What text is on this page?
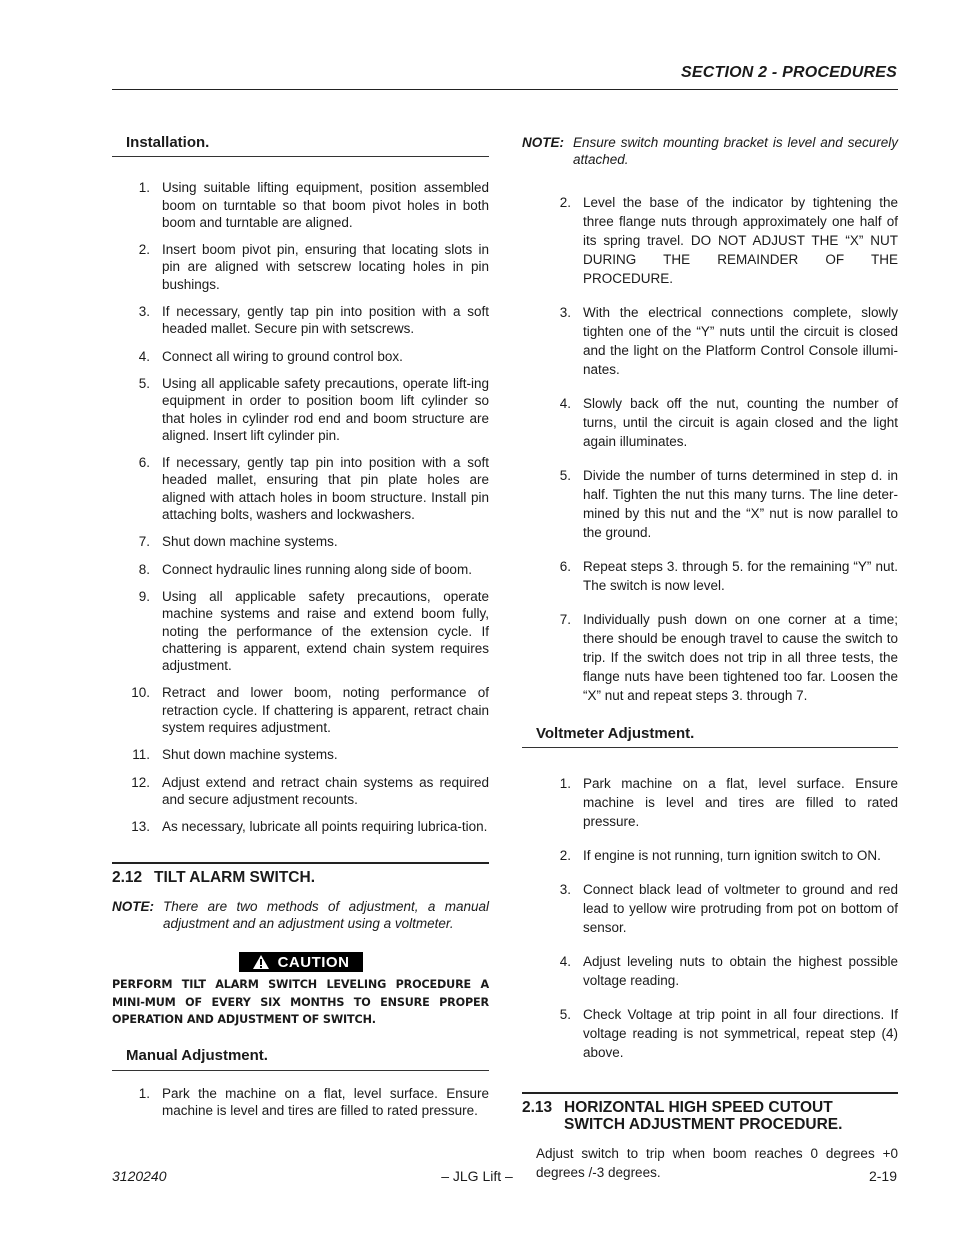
SECTION 2 - PROCEDURES
Installation.
1. Using suitable lifting equipment, position assembled boom on turntable so that boom pivot holes in both boom and turntable are aligned.
2. Insert boom pivot pin, ensuring that locating slots in pin are aligned with setscrew locating holes in pin bushings.
3. If necessary, gently tap pin into position with a soft headed mallet. Secure pin with setscrews.
4. Connect all wiring to ground control box.
5. Using all applicable safety precautions, operate lift-ing equipment in order to position boom lift cylinder so that holes in cylinder rod end and boom structure are aligned. Insert lift cylinder pin.
6. If necessary, gently tap pin into position with a soft headed mallet, ensuring that pin plate holes are aligned with attach holes in boom structure. Install pin attaching bolts, washers and lockwashers.
7. Shut down machine systems.
8. Connect hydraulic lines running along side of boom.
9. Using all applicable safety precautions, operate machine systems and raise and extend boom fully, noting the performance of the extension cycle. If chattering is apparent, extend chain system requires adjustment.
10. Retract and lower boom, noting performance of retraction cycle. If chattering is apparent, retract chain system requires adjustment.
11. Shut down machine systems.
12. Adjust extend and retract chain systems as required and secure adjustment recounts.
13. As necessary, lubricate all points requiring lubrica-tion.
2.12 TILT ALARM SWITCH.
NOTE: There are two methods of adjustment, a manual adjustment and an adjustment using a voltmeter.
CAUTION
PERFORM TILT ALARM SWITCH LEVELING PROCEDURE A MINI-MUM OF EVERY SIX MONTHS TO ENSURE PROPER OPERATION AND ADJUSTMENT OF SWITCH.
Manual Adjustment.
1. Park the machine on a flat, level surface. Ensure machine is level and tires are filled to rated pressure.
NOTE: Ensure switch mounting bracket is level and securely attached.
2. Level the base of the indicator by tightening the three flange nuts through approximately one half of its spring travel. DO NOT ADJUST THE “X” NUT DURING THE REMAINDER OF THE PROCEDURE.
3. With the electrical connections complete, slowly tighten one of the “Y” nuts until the circuit is closed and the light on the Platform Control Console illumi-nates.
4. Slowly back off the nut, counting the number of turns, until the circuit is again closed and the light again illuminates.
5. Divide the number of turns determined in step d. in half. Tighten the nut this many turns. The line deter-mined by this nut and the “X” nut is now parallel to the ground.
6. Repeat steps 3. through 5. for the remaining “Y” nut. The switch is now level.
7. Individually push down on one corner at a time; there should be enough travel to cause the switch to trip. If the switch does not trip in all three tests, the flange nuts have been tightened too far. Loosen the “X” nut and repeat steps 3. through 7.
Voltmeter Adjustment.
1. Park machine on a flat, level surface. Ensure machine is level and tires are filled to rated pressure.
2. If engine is not running, turn ignition switch to ON.
3. Connect black lead of voltmeter to ground and red lead to yellow wire protruding from pot on bottom of sensor.
4. Adjust leveling nuts to obtain the highest possible voltage reading.
5. Check Voltage at trip point in all four directions. If voltage reading is not symmetrical, repeat step (4) above.
2.13 HORIZONTAL HIGH SPEED CUTOUT
SWITCH ADJUSTMENT PROCEDURE.
Adjust switch to trip when boom reaches 0 degrees +0 degrees /-3 degrees.
3120240	– JLG Lift –	2-19
